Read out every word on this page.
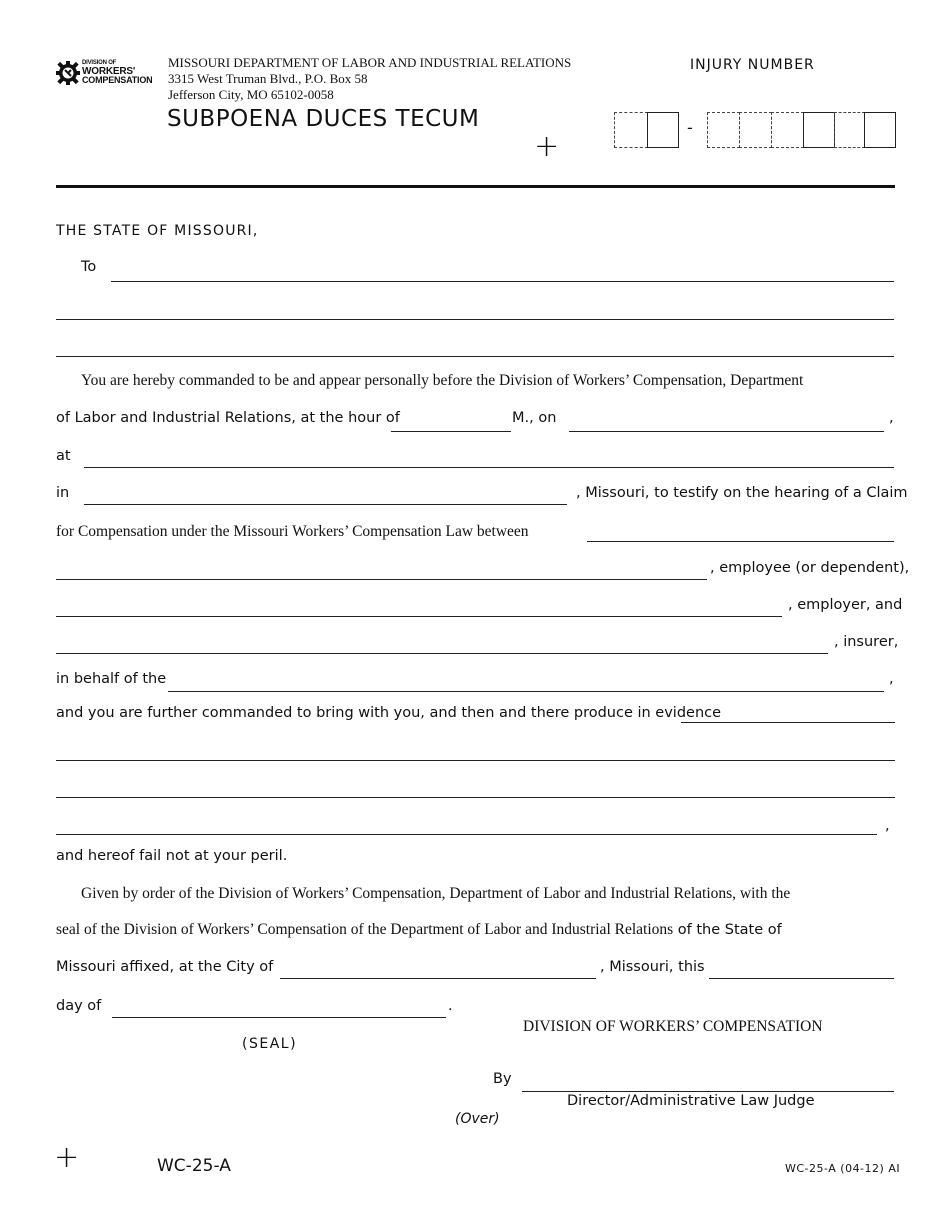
DIVISION OF
WORKERS'
COMPENSATION
MISSOURI DEPARTMENT OF LABOR AND INDUSTRIAL RELATIONS
3315 West Truman Blvd., P.O. Box 58
Jefferson City, MO 65102-0058
SUBPOENA DUCES TECUM
INJURY NUMBER
-
+
THE STATE OF MISSOURI,
To
You are hereby commanded to be and appear personally before the Division of Workers’ Compensation, Department
of Labor and Industrial Relations, at the hour of	M., on	,
at
in	, Missouri, to testify on the hearing of a Claim
for Compensation under the Missouri Workers’ Compensation Law between
, employee (or dependent),
, employer, and
, insurer,
in behalf of the	,
and you are further commanded to bring with you, and then and there produce in evidence
,
and hereof fail not at your peril.
Given by order of the Division of Workers’ Compensation, Department of Labor and Industrial Relations, with the
seal of the Division of Workers’ Compensation of the Department of Labor and Industrial Relations of the State of
Missouri affixed, at the City of	, Missouri, this
day of	.
DIVISION OF WORKERS’ COMPENSATION
(SEAL)
By
Director/Administrative Law Judge
(Over)
+	WC-25-A	WC-25-A (04-12) AI
